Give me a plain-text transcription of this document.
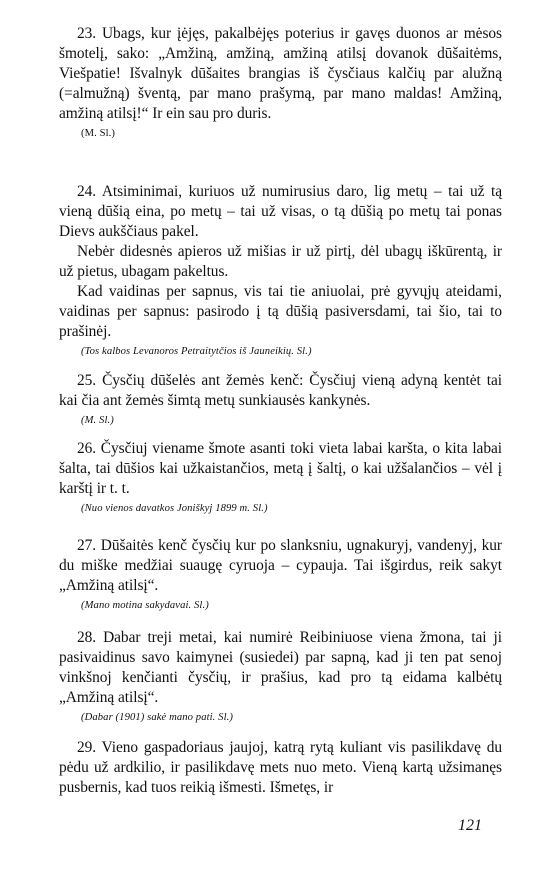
23. Ubags, kur įėjęs, pakalbėjęs poterius ir gavęs duonos ar mėsos šmotelį, sako: „Amžiną, amžiną, amžiną atilsį dovanok dūšaitėms, Viešpatie! Išvalnyk dūšaites brangias iš čysčiaus kalčių par alužną (=almužną) šventą, par mano prašymą, par mano maldas! Amžiną, amžiną atilsį!“ Ir ein sau pro duris.

(M. Sl.)

24. Atsiminimai, kuriuos už numirusius daro, lig metų – tai už tą vieną dūšią eina, po metų – tai už visas, o tą dūšią po metų tai ponas Dievs aukščiaus pakel.

Nebėr didesnės apieros už mišias ir už pirtį, dėl ubagų iškūrentą, ir už pietus, ubagam pakeltus.

Kad vaidinas per sapnus, vis tai tie aniuolai, prė gyvųjų ateidami, vaidinas per sapnus: pasirodo į tą dūšią pasiversdami, tai šio, tai to prašinėj.

(Tos kalbos Levanoros Petraitytčios iš Jauneikių. Sl.)

25. Čysčių dūšelės ant žemės kenč: Čysčiuj vieną adyną kentėt tai kai čia ant žemės šimtą metų sunkiausės kankynės.

(M. Sl.)

26. Čysčiuj viename šmote asanti toki vieta labai karšta, o kita labai šalta, tai dūšios kai užkaistančios, metą į šaltį, o kai užšalančios – vėl į karštį ir t. t.

(Nuo vienos davatkos Joniškyj 1899 m. Sl.)

27. Dūšaitės kenč čysčių kur po slanksniu, ugnakuryj, vandenyj, kur du miške medžiai suaugę cyruoja – cypauja. Tai išgirdus, reik sakyt „Amžiną atilsį“.

(Mano motina sakydavai. Sl.)

28. Dabar treji metai, kai numirė Reibiniuose viena žmona, tai ji pasivaidinus savo kaimynei (susiedei) par sapną, kad ji ten pat senoj vinkšnoj kenčianti čysčių, ir prašius, kad pro tą eidama kalbėtų „Amžiną atilsį“.

(Dabar (1901) sakė mano pati. Sl.)

29. Vieno gaspadoriaus jaujoj, katrą rytą kuliant vis pasilikdavę du pėdu už ardkilio, ir pasilikdavę mets nuo meto. Vieną kartą užsimanęs pusbernis, kad tuos reikią išmesti. Išmetęs, ir

121
